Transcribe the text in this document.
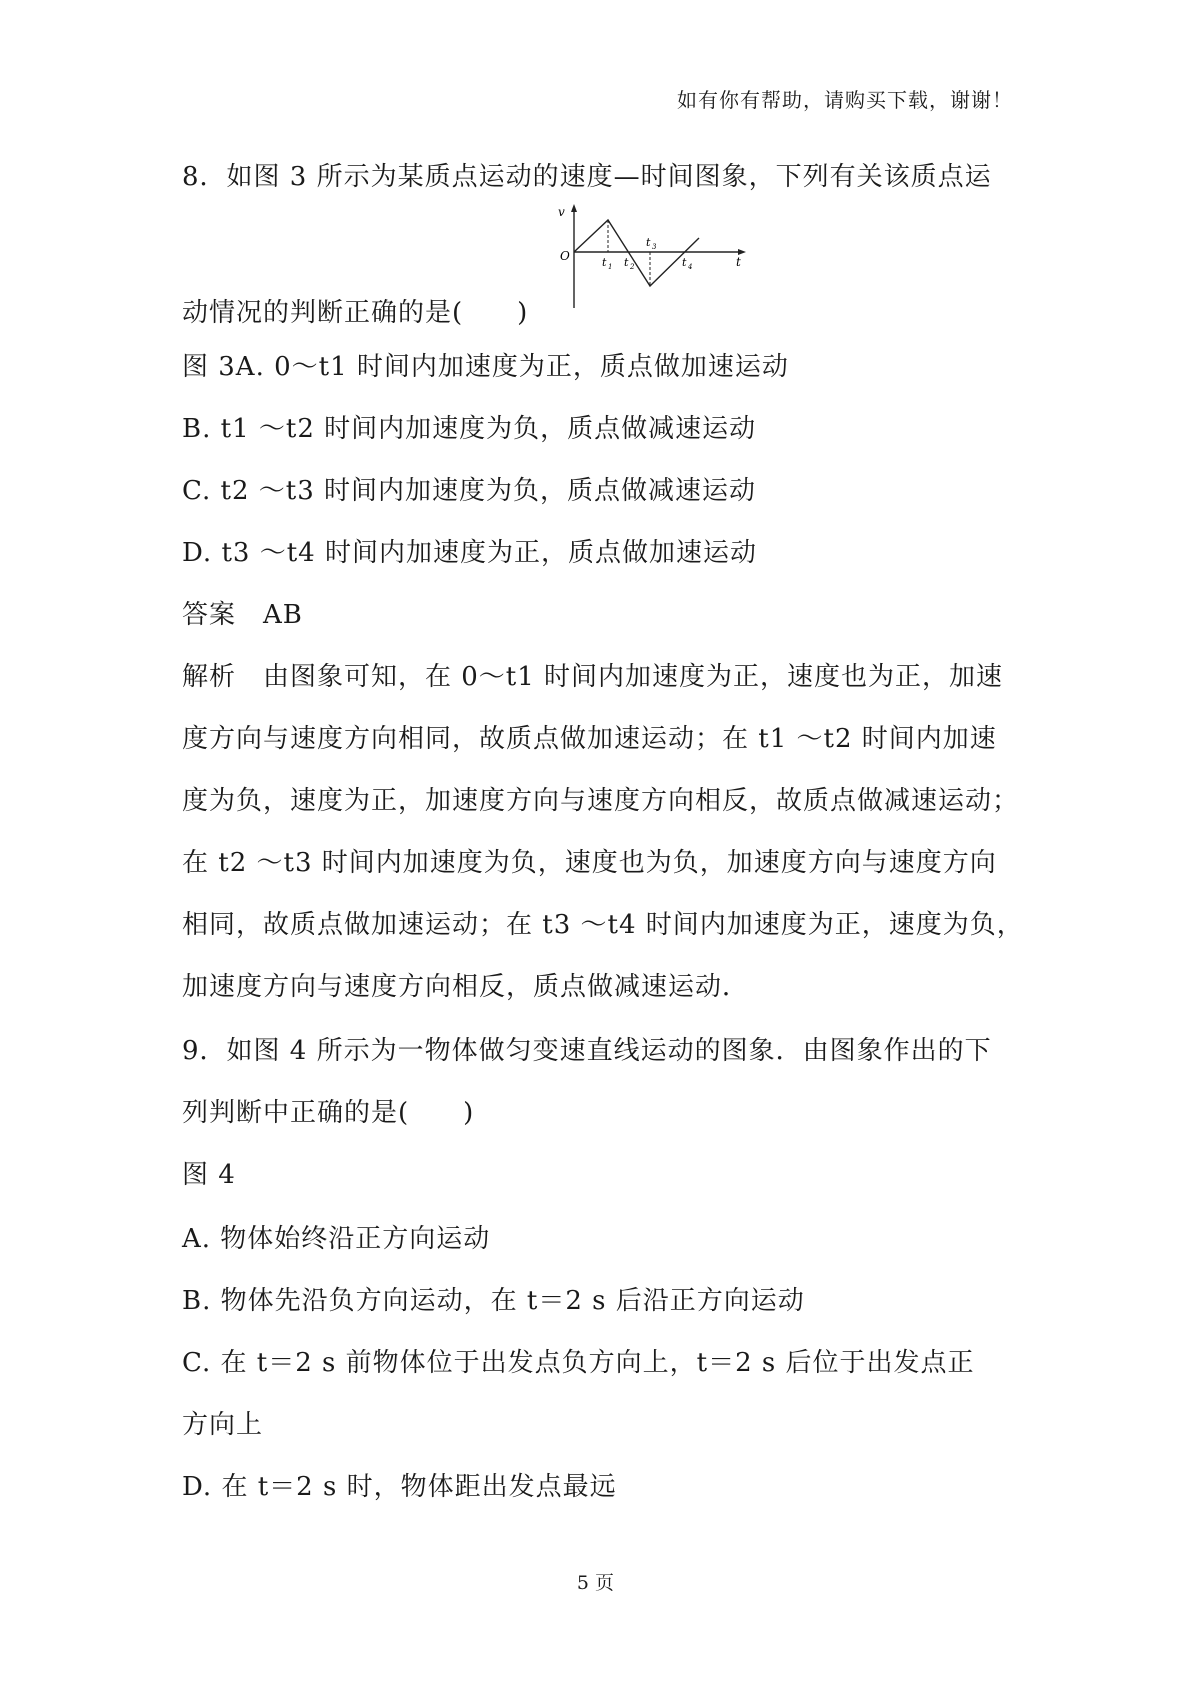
如有你有帮助，请购买下载，谢谢！
8．如图 3 所示为某质点运动的速度—时间图象，下列有关该质点运
v
t
O	t 1 t 2
t 3
t 4
动情况的判断正确的是(　　)
图 3A. 0～t1 时间内加速度为正，质点做加速运动
B. t1 ～t2 时间内加速度为负，质点做减速运动
C. t2 ～t3 时间内加速度为负，质点做减速运动
D. t3 ～t4 时间内加速度为正，质点做加速运动
答案　AB
解析　由图象可知，在 0～t1 时间内加速度为正，速度也为正，加速
度方向与速度方向相同，故质点做加速运动；在 t1 ～t2 时间内加速
度为负，速度为正，加速度方向与速度方向相反，故质点做减速运动；
在 t2 ～t3 时间内加速度为负，速度也为负，加速度方向与速度方向
相同，故质点做加速运动；在 t3 ～t4 时间内加速度为正，速度为负，
加速度方向与速度方向相反，质点做减速运动．
9．如图 4 所示为一物体做匀变速直线运动的图象．由图象作出的下
列判断中正确的是(　　)
图 4
A. 物体始终沿正方向运动
B. 物体先沿负方向运动，在 t＝2 s 后沿正方向运动
C. 在 t＝2 s 前物体位于出发点负方向上，t＝2 s 后位于出发点正
方向上
D. 在 t＝2 s 时，物体距出发点最远
5 页
